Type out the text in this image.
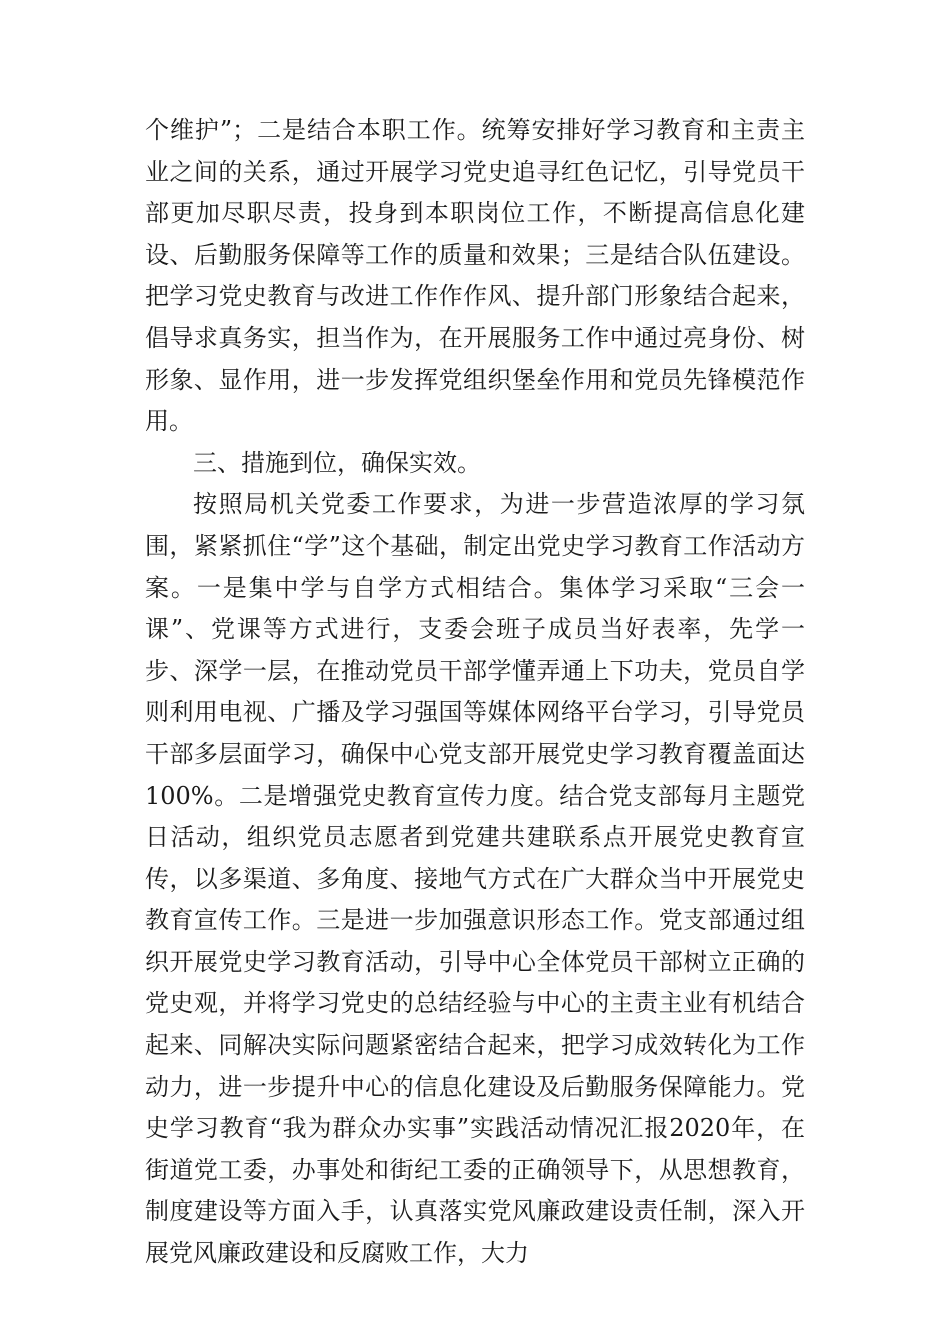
个维护”；二是结合本职工作。统筹安排好学习教育和主责主业之间的关系，通过开展学习党史追寻红色记忆，引导党员干部更加尽职尽责，投身到本职岗位工作，不断提高信息化建设、后勤服务保障等工作的质量和效果；三是结合队伍建设。把学习党史教育与改进工作作作风、提升部门形象结合起来，倡导求真务实，担当作为，在开展服务工作中通过亮身份、树形象、显作用，进一步发挥党组织堡垒作用和党员先锋模范作用。

三、措施到位，确保实效。

按照局机关党委工作要求，为进一步营造浓厚的学习氛围，紧紧抓住“学”这个基础，制定出党史学习教育工作活动方案。一是集中学与自学方式相结合。集体学习采取“三会一课”、党课等方式进行，支委会班子成员当好表率，先学一步、深学一层，在推动党员干部学懂弄通上下功夫，党员自学则利用电视、广播及学习强国等媒体网络平台学习，引导党员干部多层面学习，确保中心党支部开展党史学习教育覆盖面达100%。二是增强党史教育宣传力度。结合党支部每月主题党日活动，组织党员志愿者到党建共建联系点开展党史教育宣传，以多渠道、多角度、接地气方式在广大群众当中开展党史教育宣传工作。三是进一步加强意识形态工作。党支部通过组织开展党史学习教育活动，引导中心全体党员干部树立正确的党史观，并将学习党史的总结经验与中心的主责主业有机结合起来、同解决实际问题紧密结合起来，把学习成效转化为工作动力，进一步提升中心的信息化建设及后勤服务保障能力。党史学习教育“我为群众办实事”实践活动情况汇报2020年，在街道党工委，办事处和街纪工委的正确领导下，从思想教育，制度建设等方面入手，认真落实党风廉政建设责任制，深入开展党风廉政建设和反腐败工作，大力
